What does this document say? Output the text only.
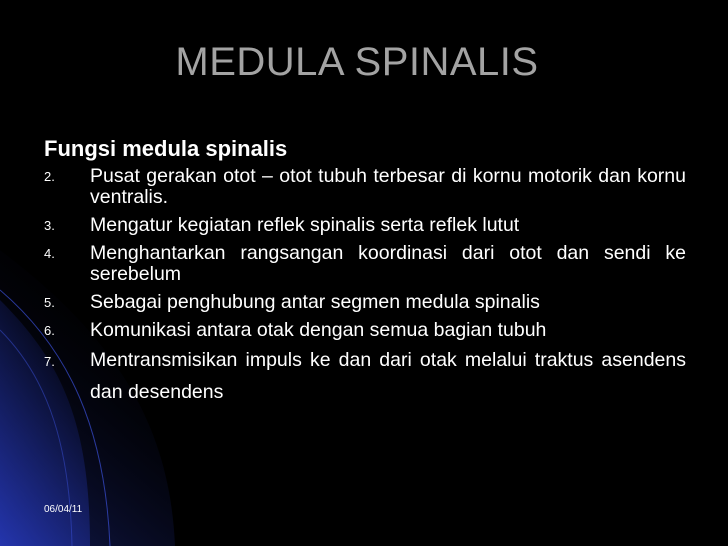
MEDULA SPINALIS
Fungsi medula spinalis
2. Pusat gerakan otot – otot tubuh terbesar di kornu motorik dan kornu ventralis.
3. Mengatur kegiatan reflek spinalis serta reflek lutut
4. Menghantarkan rangsangan koordinasi dari otot dan sendi ke serebelum
5. Sebagai penghubung antar segmen medula spinalis
6. Komunikasi antara otak dengan semua bagian tubuh
7. Mentransmisikan impuls ke dan dari otak melalui traktus asendens dan desendens
06/04/11
